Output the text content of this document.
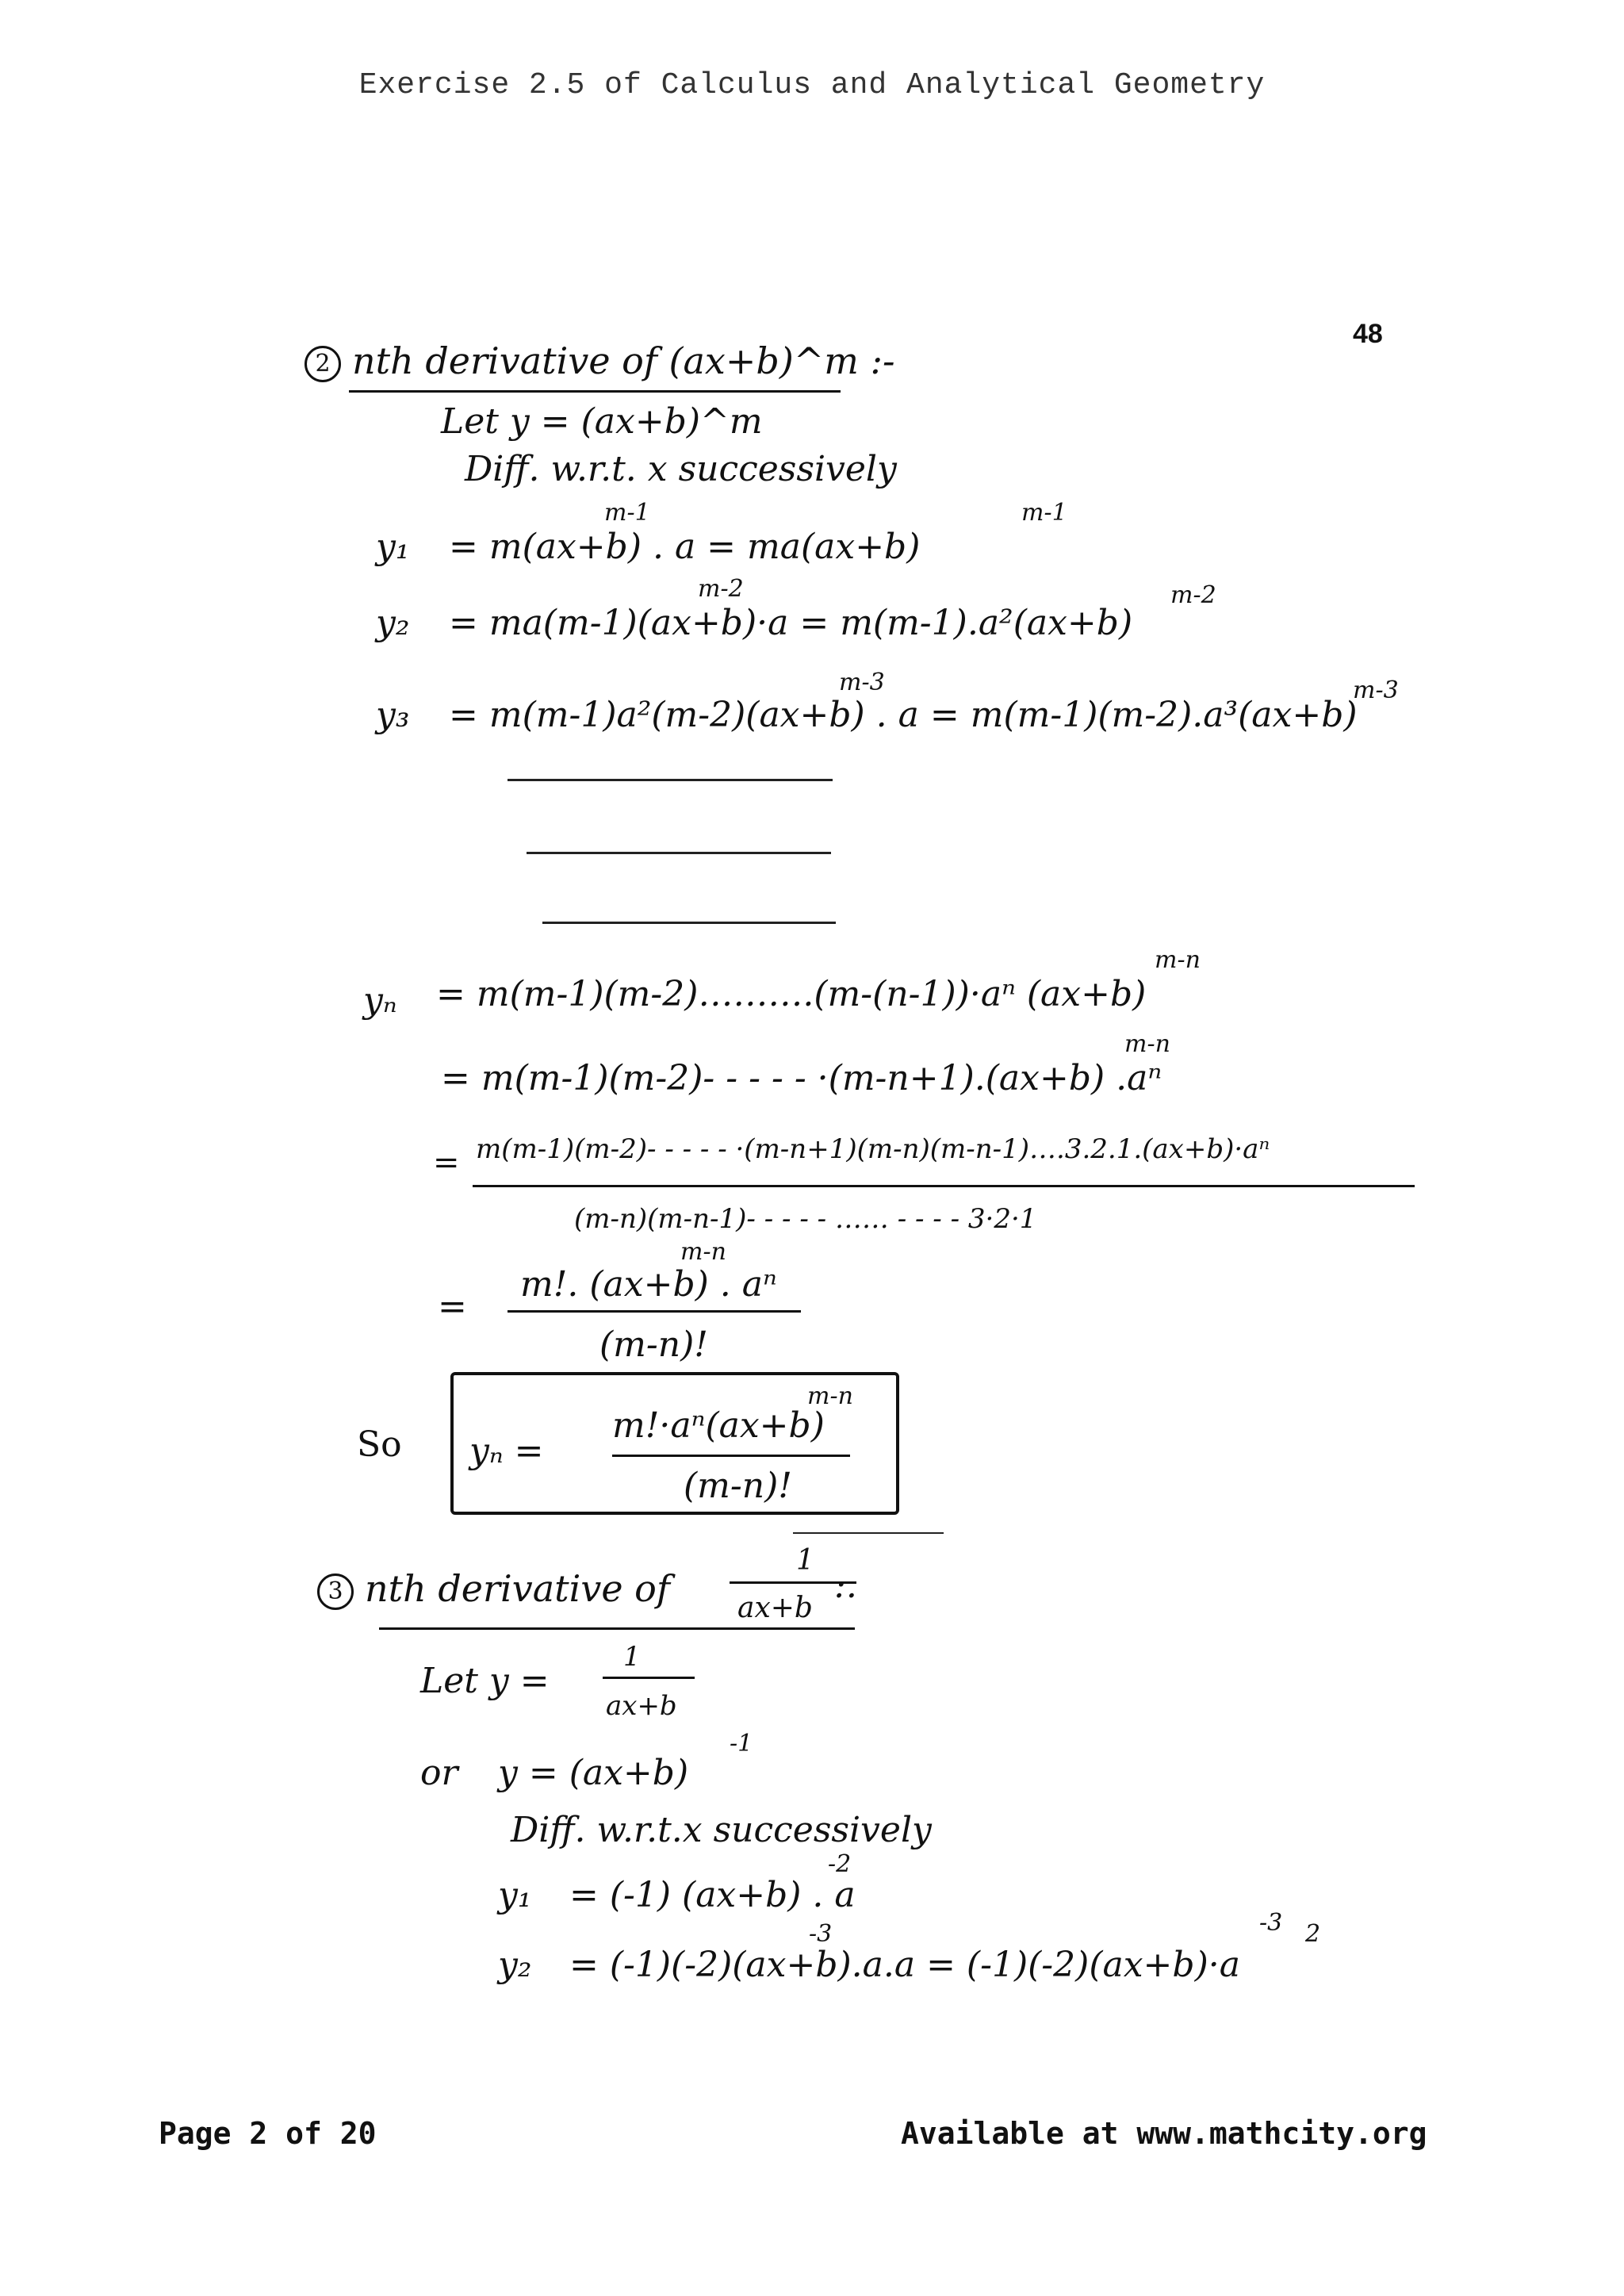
Exercise 2.5 of Calculus and Analytical Geometry
48
2 nth derivative of (ax+b)^m :-
Let y = (ax+b)^m
Diff. w.r.t. x successively
y₁ = m(ax+b) . a = ma(ax+b)
m-1	m-1
y₂ = ma(m-1)(ax+b)·a = m(m-1).a²(ax+b)
m-2	m-2
y₃ = m(m-1)a²(m-2)(ax+b) . a = m(m-1)(m-2).a³(ax+b)
m-3	m-3
yₙ = m(m-1)(m-2)……….(m-(n-1))·aⁿ (ax+b)
m-n
= m(m-1)(m-2)- - - - - ·(m-n+1).(ax+b) .aⁿ
m-n
= m(m-1)(m-2)- - - - - ·(m-n+1)(m-n)(m-n-1)….3.2.1.(ax+b)·aⁿ
(m-n)(m-n-1)- - - - - …… - - - - 3·2·1
=
m!. (ax+b) . aⁿ
m-n
(m-n)!
So yₙ =
m!·aⁿ(ax+b)
m-n
(m-n)!
3 nth derivative of
1
ax+b
:.
Let y =
1
ax+b
or y = (ax+b)
-1
Diff. w.r.t.x successively
y₁ = (-1) (ax+b) . a
-2
y₂ = (-1)(-2)(ax+b).a.a = (-1)(-2)(ax+b)·a
-3	-3 2
Page 2 of 20	Available at www.mathcity.org
